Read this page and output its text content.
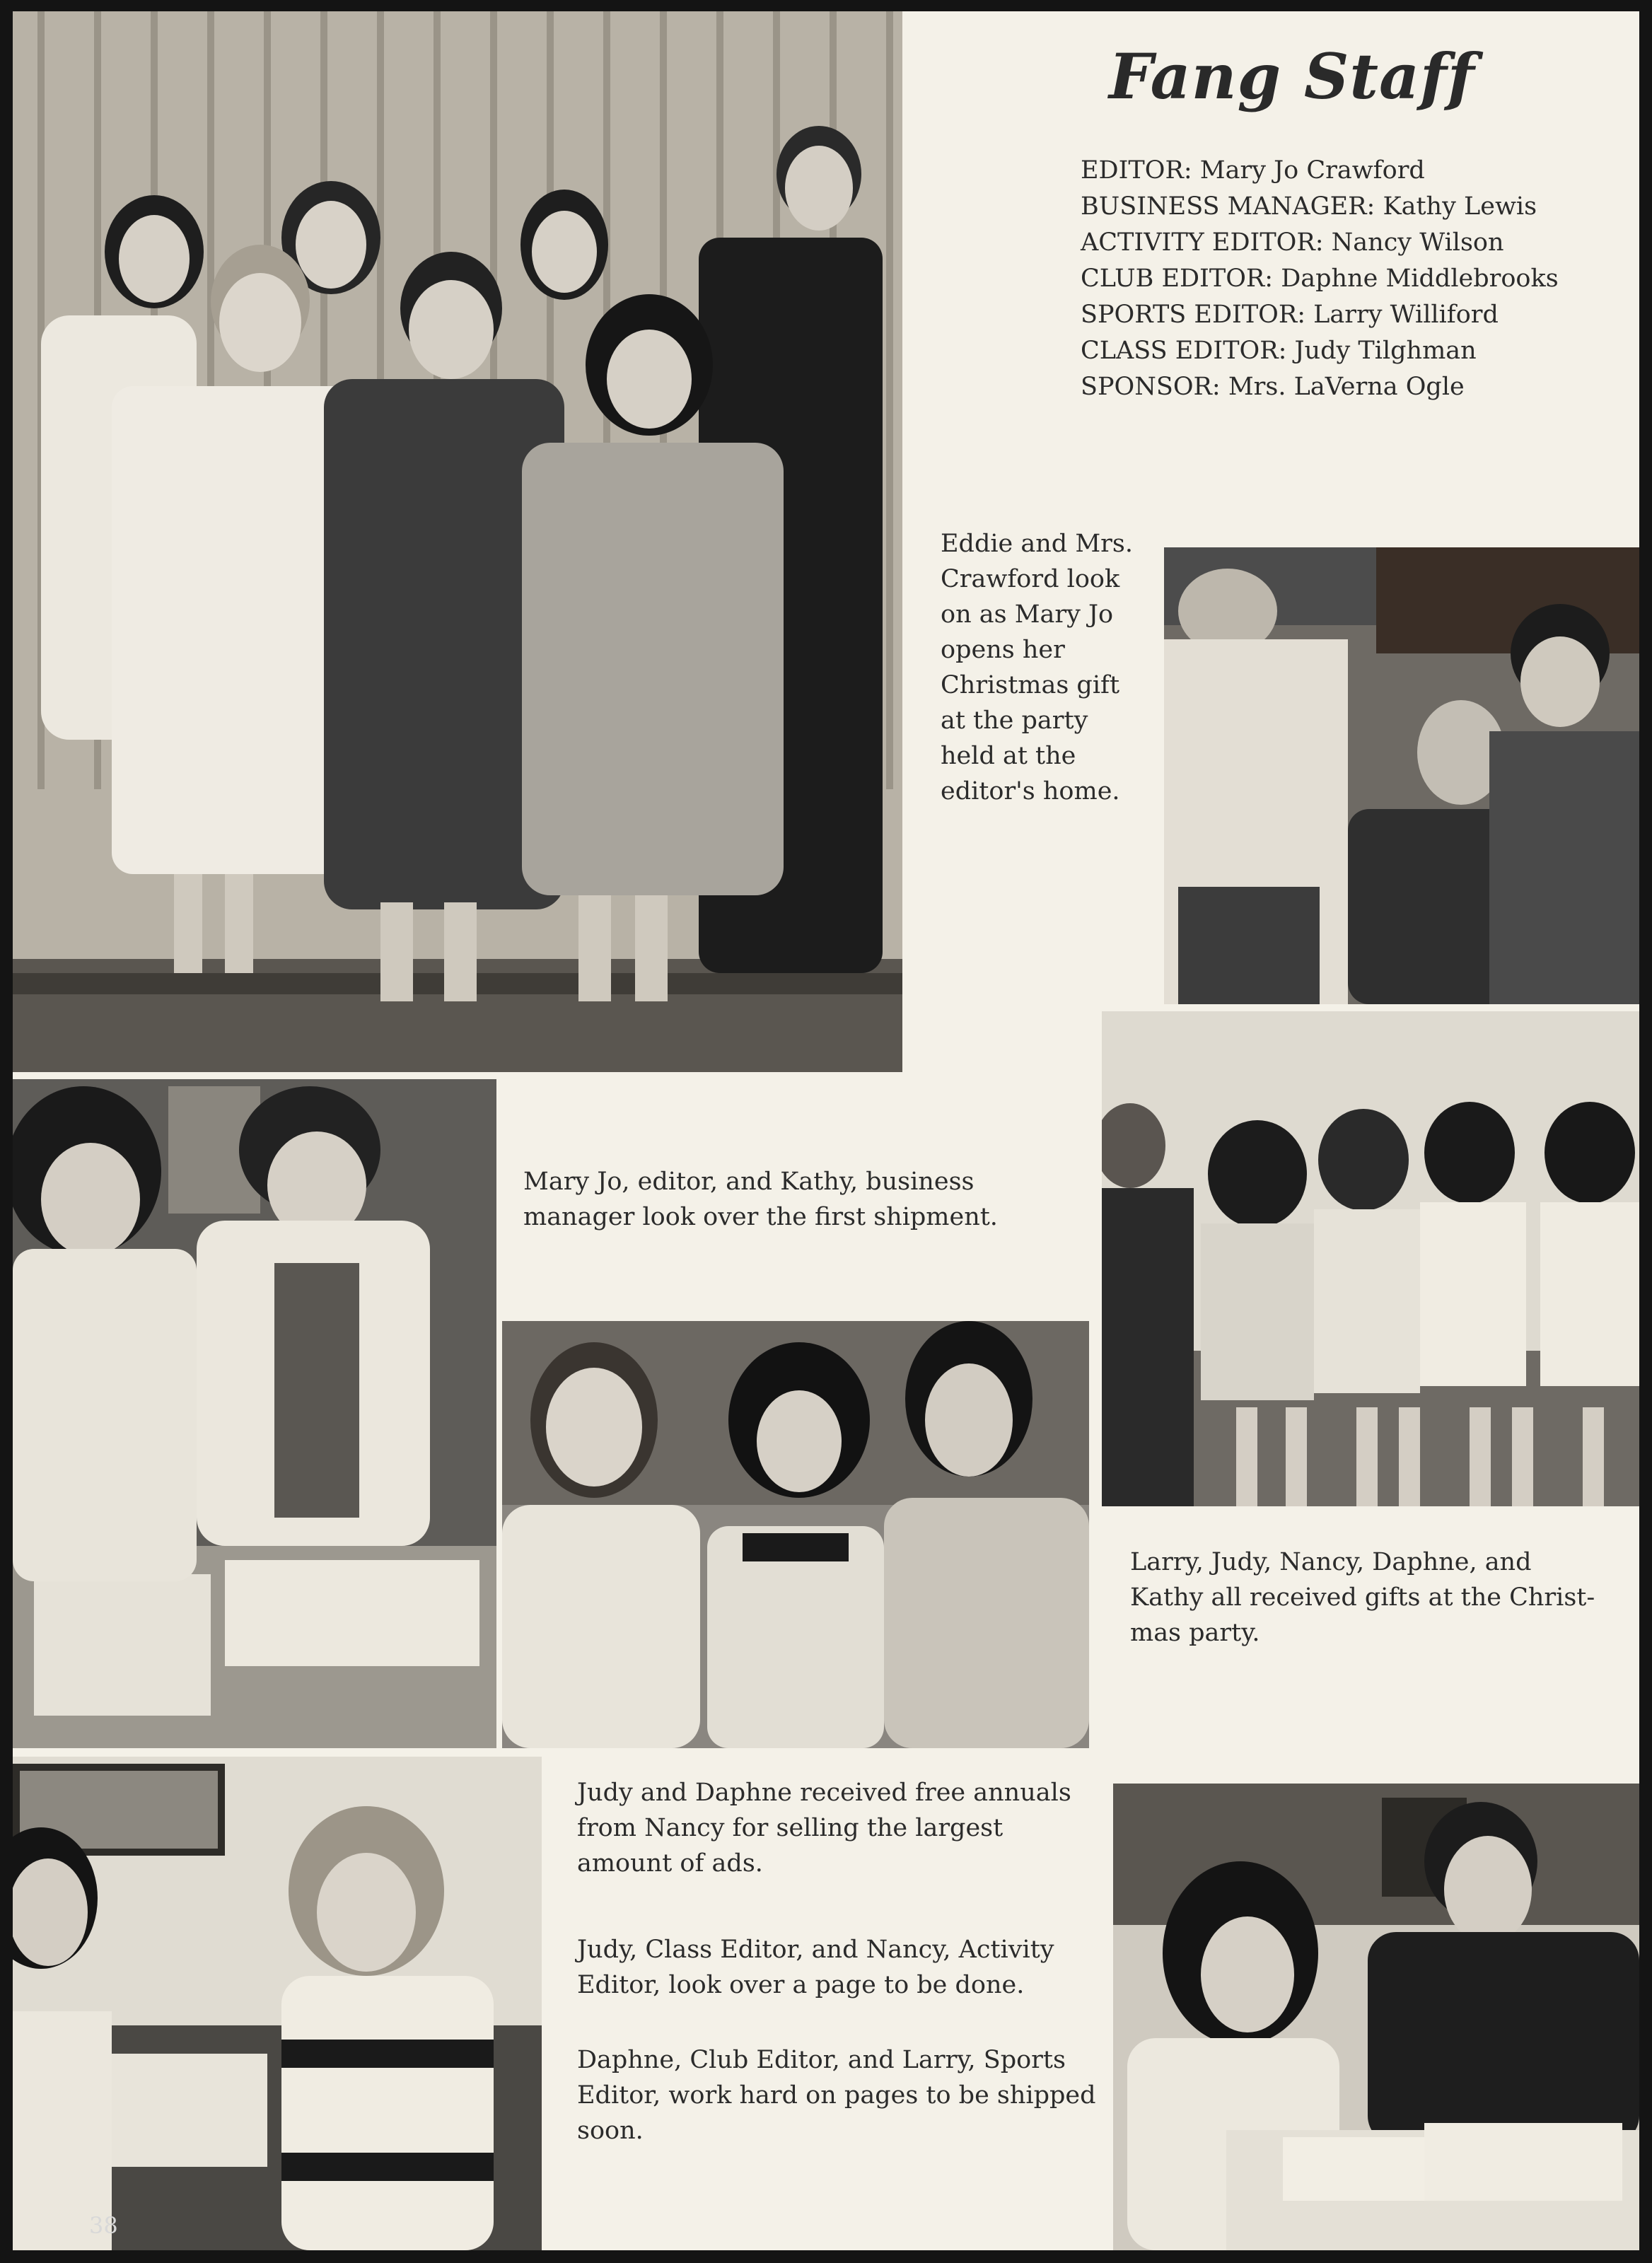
Fang Staff
EDITOR: Mary Jo Crawford
BUSINESS MANAGER: Kathy Lewis
ACTIVITY EDITOR: Nancy Wilson
CLUB EDITOR: Daphne Middlebrooks
SPORTS EDITOR: Larry Williford
CLASS EDITOR: Judy Tilghman
SPONSOR: Mrs. LaVerna Ogle
Eddie and Mrs.
Crawford look
on as Mary Jo
opens her
Christmas gift
at the party
held at the
editor's home.
Mary Jo, editor, and Kathy, business
manager look over the first shipment.
Larry, Judy, Nancy, Daphne, and
Kathy all received gifts at the Christ-
mas party.
Judy and Daphne received free annuals
from Nancy for selling the largest
amount of ads.
Judy, Class Editor, and Nancy, Activity
Editor, look over a page to be done.
Daphne, Club Editor, and Larry, Sports
Editor, work hard on pages to be shipped
soon.
38
